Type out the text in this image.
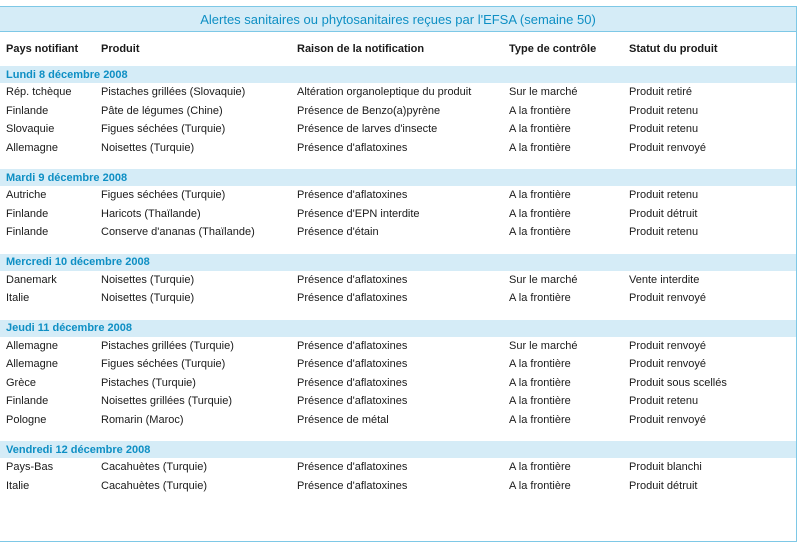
Alertes sanitaires ou phytosanitaires reçues par l'EFSA (semaine 50)
Pays notifiant	Produit	Raison de la notification	Type de contrôle	Statut du produit
Lundi 8 décembre 2008				
Rép. tchèque	Pistaches grillées (Slovaquie)	Altération organoleptique du produit	Sur le marché	Produit retiré
Finlande	Pâte de légumes (Chine)	Présence de Benzo(a)pyrène	A la frontière	Produit retenu
Slovaquie	Figues séchées (Turquie)	Présence de larves d'insecte	A la frontière	Produit retenu
Allemagne	Noisettes (Turquie)	Présence d'aflatoxines	A la frontière	Produit renvoyé

Mardi 9 décembre 2008				
Autriche	Figues séchées (Turquie)	Présence d'aflatoxines	A la frontière	Produit retenu
Finlande	Haricots (Thaïlande)	Présence d'EPN interdite	A la frontière	Produit détruit
Finlande	Conserve d'ananas (Thaïlande)	Présence d'étain	A la frontière	Produit retenu

Mercredi 10 décembre 2008				
Danemark	Noisettes (Turquie)	Présence d'aflatoxines	Sur le marché	Vente interdite
Italie	Noisettes (Turquie)	Présence d'aflatoxines	A la frontière	Produit renvoyé

Jeudi 11 décembre 2008				
Allemagne	Pistaches grillées (Turquie)	Présence d'aflatoxines	Sur le marché	Produit renvoyé
Allemagne	Figues séchées (Turquie)	Présence d'aflatoxines	A la frontière	Produit renvoyé
Grèce	Pistaches (Turquie)	Présence d'aflatoxines	A la frontière	Produit sous scellés
Finlande	Noisettes grillées (Turquie)	Présence d'aflatoxines	A la frontière	Produit retenu
Pologne	Romarin (Maroc)	Présence de métal	A la frontière	Produit renvoyé

Vendredi 12 décembre 2008				
Pays-Bas	Cacahuètes (Turquie)	Présence d'aflatoxines	A la frontière	Produit blanchi
Italie	Cacahuètes (Turquie)	Présence d'aflatoxines	A la frontière	Produit détruit
